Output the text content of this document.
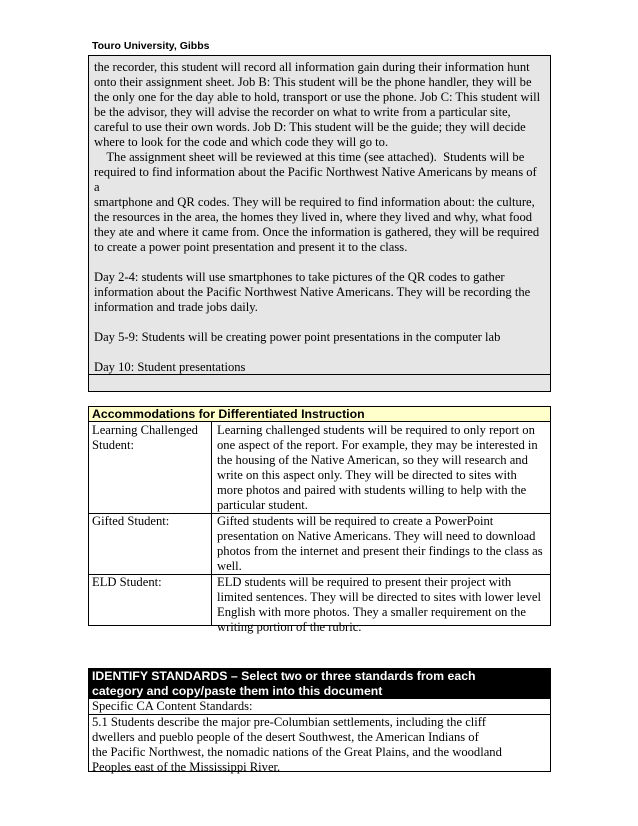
Touro University, Gibbs

the recorder, this student will record all information gain during their information hunt

onto their assignment sheet. Job B: This student will be the phone handler, they will be

the only one for the day able to hold, transport or use the phone. Job C: This student will

be the advisor, they will advise the recorder on what to write from a particular site,

careful to use their own words. Job D: This student will be the guide; they will decide

where to look for the code and which code they will go to.

The assignment sheet will be reviewed at this time (see attached).  Students will be

required to find information about the Pacific Northwest Native Americans by means of a

smartphone and QR codes. They will be required to find information about: the culture,

the resources in the area, the homes they lived in, where they lived and why, what food

they ate and where it came from. Once the information is gathered, they will be required

to create a power point presentation and present it to the class.

Day 2-4: students will use smartphones to take pictures of the QR codes to gather

information about the Pacific Northwest Native Americans. They will be recording the

information and trade jobs daily.

Day 5-9: Students will be creating power point presentations in the computer lab

Day 10: Student presentations

Accommodations for Differentiated Instruction

Learning Challenged

Student:

Learning challenged students will be required to only report on

one aspect of the report. For example, they may be interested in

the housing of the Native American, so they will research and

write on this aspect only. They will be directed to sites with

more photos and paired with students willing to help with the

particular student.

Gifted Student:	Gifted students will be required to create a PowerPoint

presentation on Native Americans. They will need to download

photos from the internet and present their findings to the class as

well.

ELD Student:	ELD students will be required to present their project with

limited sentences. They will be directed to sites with lower level

English with more photos. They a smaller requirement on the

writing portion of the rubric.

IDENTIFY STANDARDS – Select two or three standards from each
category and copy/paste them into this document
Specific CA Content Standards:

5.1 Students describe the major pre-Columbian settlements, including the cliff

dwellers and pueblo people of the desert Southwest, the American Indians of

the Pacific Northwest, the nomadic nations of the Great Plains, and the woodland

Peoples east of the Mississippi River.
